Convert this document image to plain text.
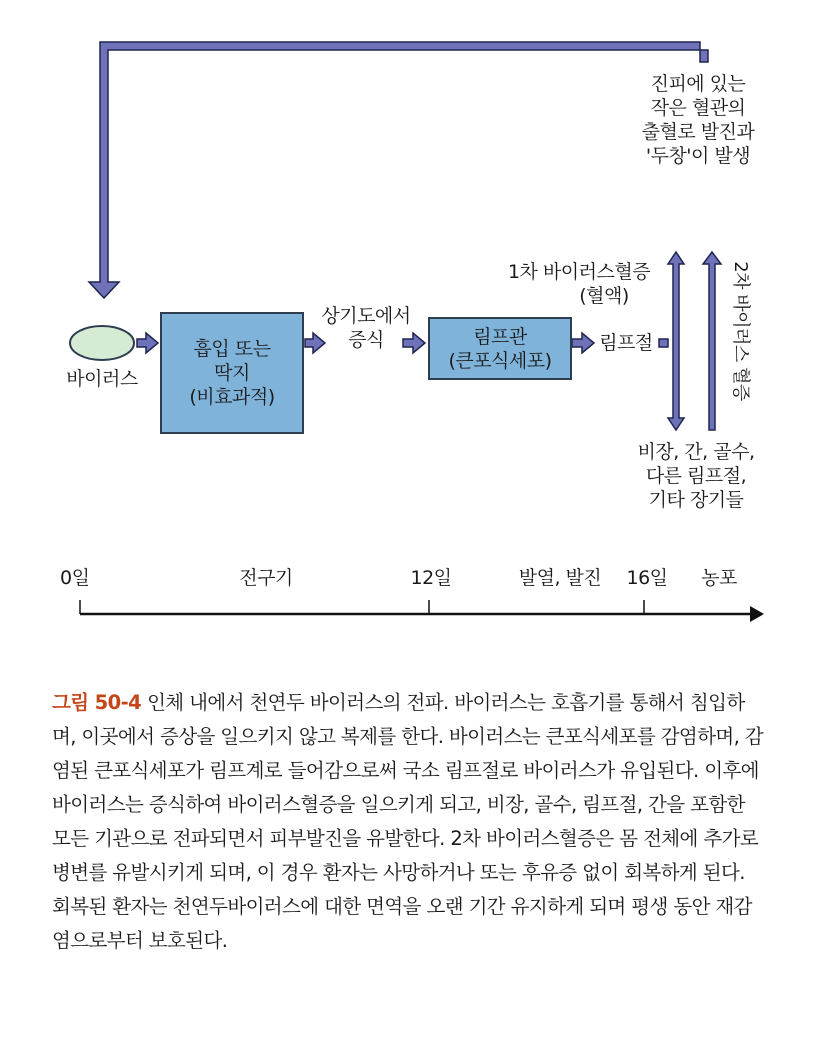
진피에 있는
작은 혈관의
출혈로 발진과
'두창'이 발생
바이러스
흡입 또는
딱지
(비효과적)
상기도에서
증식	림프관
(큰포식세포)
림프절
1차 바이러스혈증
(혈액)	2차 바이러스 혈증
비장, 간, 골수,
다른 림프절,
기타 장기들
0일	전구기	12일	발열, 발진	16일	농포
그림 50-4 인체 내에서 천연두 바이러스의 전파. 바이러스는 호흡기를 통해서 침입하며, 이곳에서 증상을 일으키지 않고 복제를 한다. 바이러스는 큰포식세포를 감염하며, 감염된 큰포식세포가 림프계로 들어감으로써 국소 림프절로 바이러스가 유입된다. 이후에 바이러스는 증식하여 바이러스혈증을 일으키게 되고, 비장, 골수, 림프절, 간을 포함한 모든 기관으로 전파되면서 피부발진을 유발한다. 2차 바이러스혈증은 몸 전체에 추가로 병변를 유발시키게 되며, 이 경우 환자는 사망하거나 또는 후유증 없이 회복하게 된다. 회복된 환자는 천연두바이러스에 대한 면역을 오랜 기간 유지하게 되며 평생 동안 재감염으로부터 보호된다.
